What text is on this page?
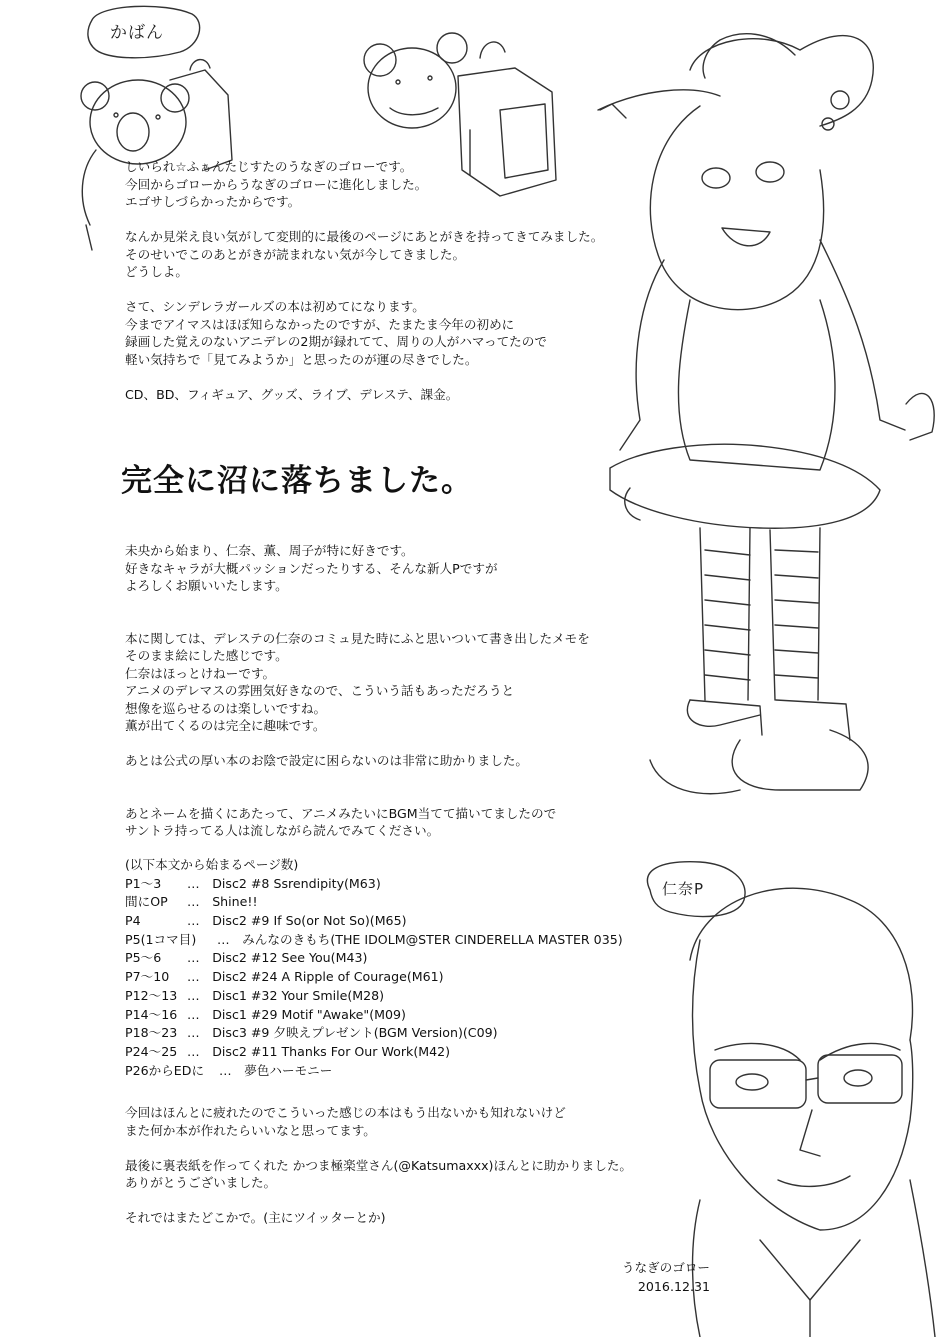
かばん
仁奈P

しいられ☆ふぁんたじすたのうなぎのゴローです。

今回からゴローからうなぎのゴローに進化しました。

エゴサしづらかったからです。

なんか見栄え良い気がして変則的に最後のページにあとがきを持ってきてみました。

そのせいでこのあとがきが読まれない気が今してきました。

どうしよ。

さて、シンデレラガールズの本は初めてになります。

今までアイマスはほぼ知らなかったのですが、たまたま今年の初めに

録画した覚えのないアニデレの2期が録れてて、周りの人がハマってたので

軽い気持ちで「見てみようか」と思ったのが運の尽きでした。

CD、BD、フィギュア、グッズ、ライブ、デレステ、課金。

完全に沼に落ちました。

未央から始まり、仁奈、薫、周子が特に好きです。

好きなキャラが大概パッションだったりする、そんな新人Pですが

よろしくお願いいたします。

本に関しては、デレステの仁奈のコミュ見た時にふと思いついて書き出したメモを

そのまま絵にした感じです。

仁奈はほっとけねーです。

アニメのデレマスの雰囲気好きなので、こういう話もあっただろうと

想像を巡らせるのは楽しいですね。

薫が出てくるのは完全に趣味です。

あとは公式の厚い本のお陰で設定に困らないのは非常に助かりました。

あとネームを描くにあたって、アニメみたいにBGM当てて描いてましたので

サントラ持ってる人は流しながら読んでみてください。

(以下本文から始まるページ数)
P1〜3 …　Disc2 #8 Ssrendipity(M63)
間にOP …　Shine!!
P4	…　Disc2 #9 If So(or Not So)(M65)
P5(1コマ目) …　みんなのきもち(THE IDOLM@STER CINDERELLA MASTER 035)
P5〜6 …　Disc2 #12 See You(M43)
P7〜10 …　Disc2 #24 A Ripple of Courage(M61)
P12〜13 …　Disc1 #32 Your Smile(M28)
P14〜16 …　Disc1 #29 Motif "Awake"(M09)
P18〜23 …　Disc3 #9 夕映えプレゼント(BGM Version)(C09)
P24〜25 …　Disc2 #11 Thanks For Our Work(M42)
P26からEDに …　夢色ハーモニー

今回はほんとに疲れたのでこういった感じの本はもう出ないかも知れないけど

また何か本が作れたらいいなと思ってます。

最後に裏表紙を作ってくれた かつま極楽堂さん(@Katsumaxxx)ほんとに助かりました。

ありがとうございました。

それではまたどこかで。(主にツイッターとか)

うなぎのゴロー
2016.12.31
